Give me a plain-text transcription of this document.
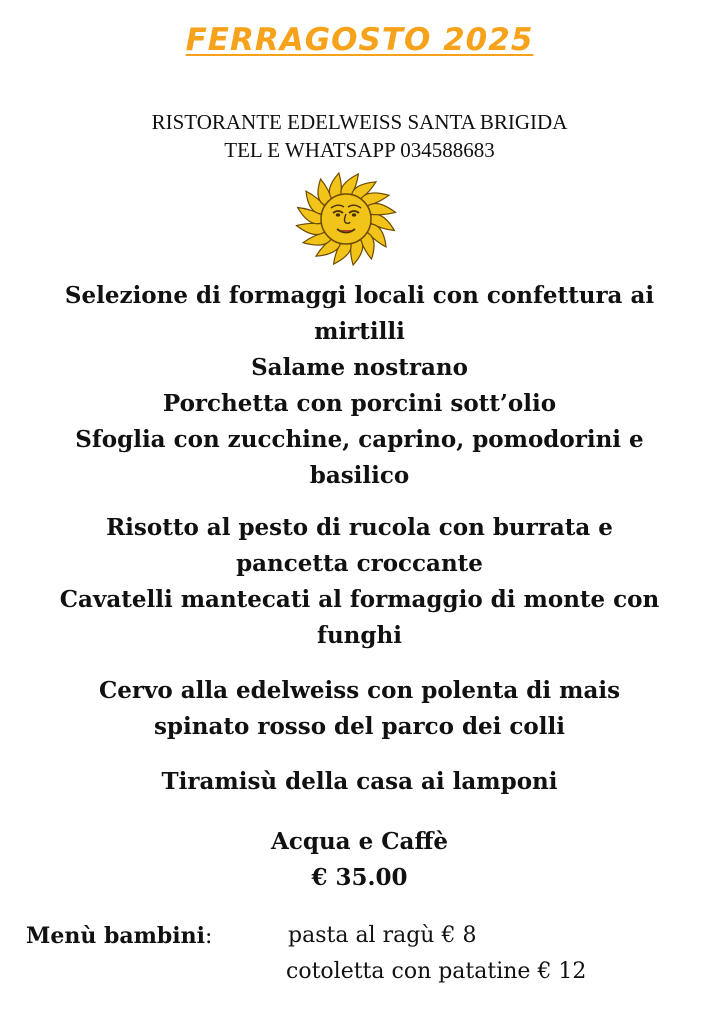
FERRAGOSTO 2025
RISTORANTE EDELWEISS SANTA BRIGIDA
TEL E WHATSAPP 034588683
Selezione di formaggi locali con confettura ai
mirtilli
Salame nostrano
Porchetta con porcini sott’olio
Sfoglia con zucchine, caprino, pomodorini e
basilico
Risotto al pesto di rucola con burrata e
pancetta croccante
Cavatelli mantecati al formaggio di monte con
funghi
Cervo alla edelweiss con polenta di mais
spinato rosso del parco dei colli
Tiramisù della casa ai lamponi
Acqua e Caffè
€ 35.00
Menù bambini:	pasta al ragù € 8
cotoletta con patatine € 12
